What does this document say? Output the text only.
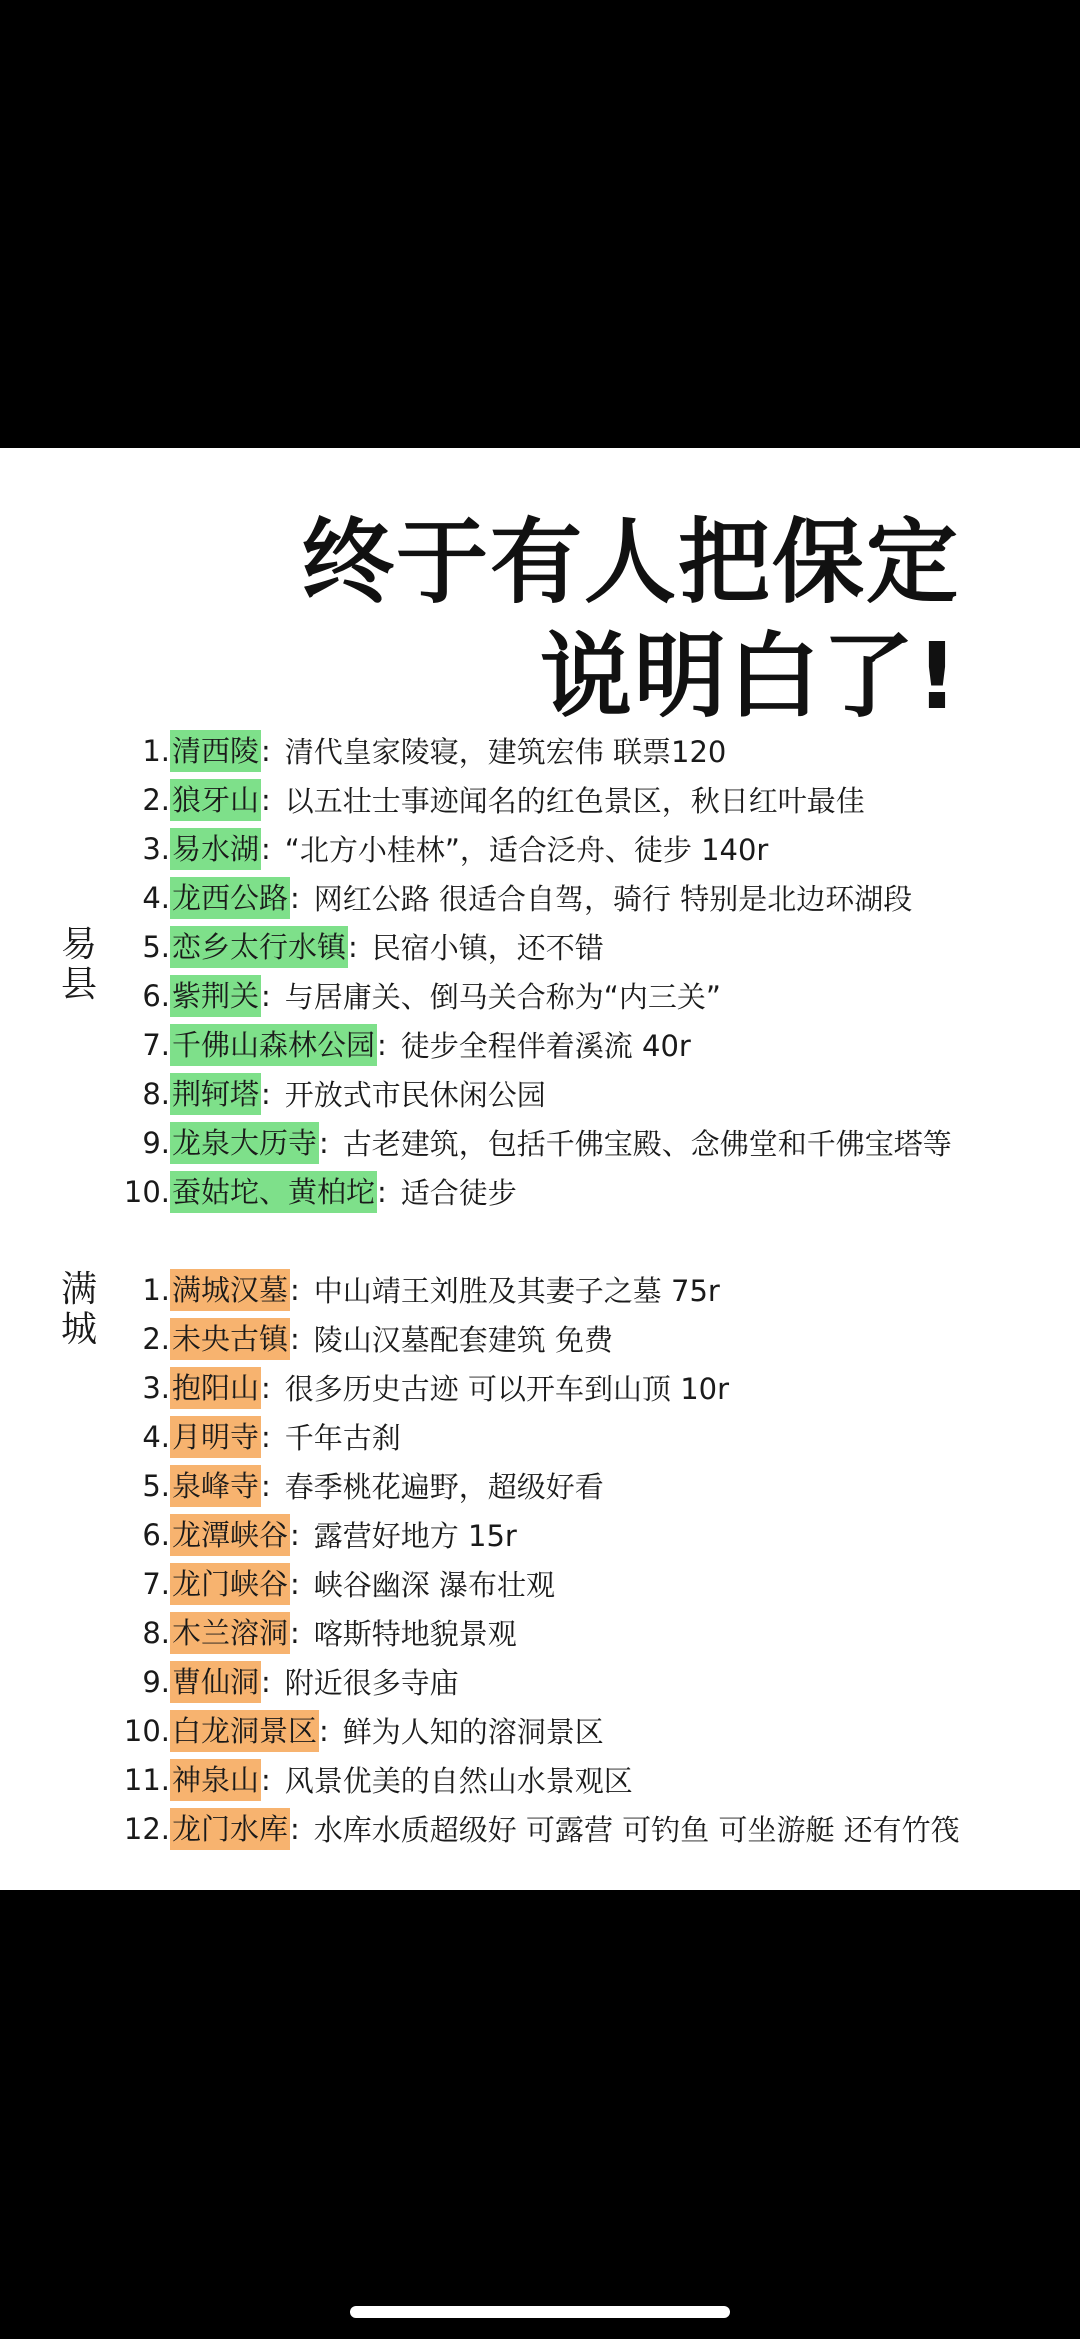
终于有人把保定
说明白了!
易
县
1. 清西陵 : 清代皇家陵寝，建筑宏伟 联票120
2. 狼牙山 : 以五壮士事迹闻名的红色景区，秋日红叶最佳
3. 易水湖 : “北方小桂林”，适合泛舟、徒步 140r
4. 龙西公路 : 网红公路 很适合自驾，骑行 特别是北边环湖段
5. 恋乡太行水镇 : 民宿小镇，还不错
6. 紫荆关 : 与居庸关、倒马关合称为“内三关”
7. 千佛山森林公园 : 徒步全程伴着溪流 40r
8. 荆轲塔 : 开放式市民休闲公园
9. 龙泉大历寺 : 古老建筑，包括千佛宝殿、念佛堂和千佛宝塔等
10. 蚕姑坨、黄柏坨 : 适合徒步
满
城
1. 满城汉墓 : 中山靖王刘胜及其妻子之墓 75r
2. 未央古镇 : 陵山汉墓配套建筑 免费
3. 抱阳山 : 很多历史古迹 可以开车到山顶 10r
4. 月明寺 : 千年古刹
5. 泉峰寺 : 春季桃花遍野，超级好看
6. 龙潭峡谷 : 露营好地方 15r
7. 龙门峡谷 : 峡谷幽深 瀑布壮观
8. 木兰溶洞 : 喀斯特地貌景观
9. 曹仙洞 : 附近很多寺庙
10. 白龙洞景区 : 鲜为人知的溶洞景区
11. 神泉山 : 风景优美的自然山水景观区
12. 龙门水库 : 水库水质超级好 可露营 可钓鱼 可坐游艇 还有竹筏
